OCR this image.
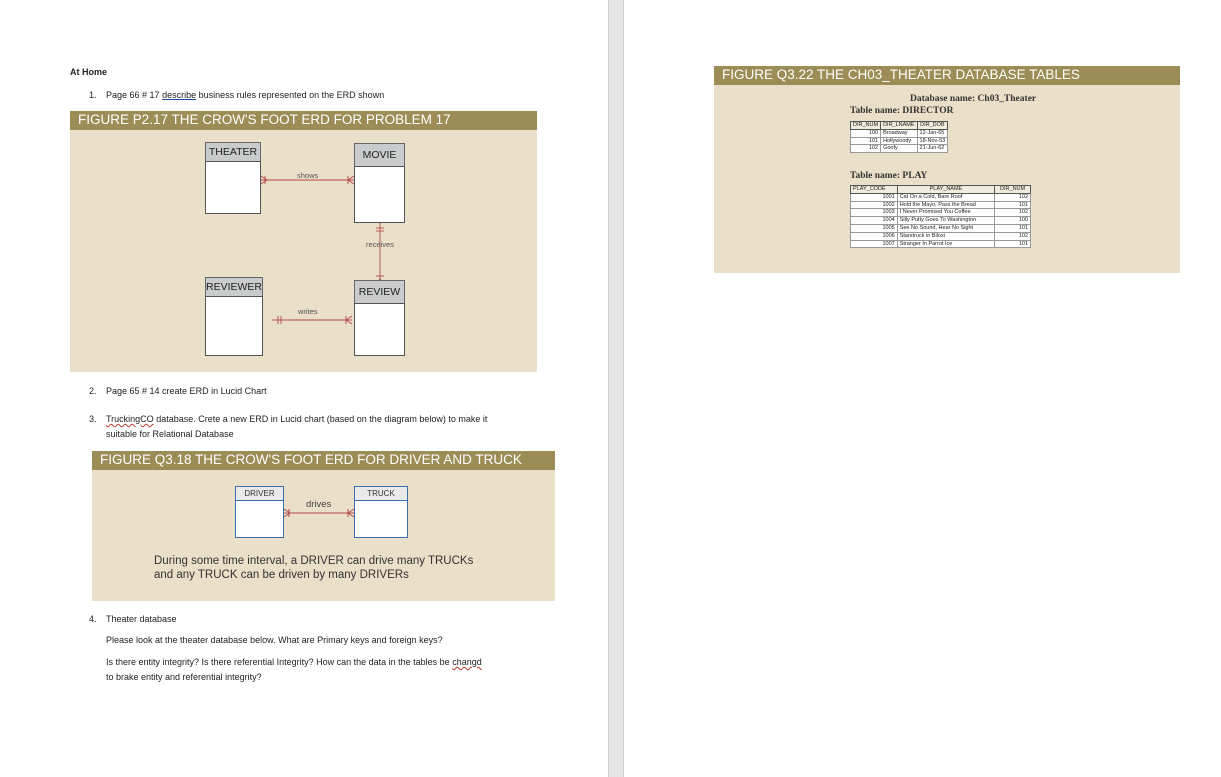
At Home
1. Page 66 # 17 describe business rules represented on the ERD shown
FIGURE P2.17 THE CROW'S FOOT ERD FOR PROBLEM 17
THEATER	MOVIE
shows
receives
REVIEWER	REVIEW
writes
2. Page 65 # 14 create ERD in Lucid Chart
3. TruckingCO database. Crete a new ERD in Lucid chart (based on the diagram below) to make it
suitable for Relational Database
FIGURE Q3.18 THE CROW'S FOOT ERD FOR DRIVER AND TRUCK
DRIVER	TRUCK
drives
During some time interval, a DRIVER can drive many TRUCKs
and any TRUCK can be driven by many DRIVERs
4. Theater database
Please look at the theater database below. What are Primary keys and foreign keys?
Is there entity integrity? Is there referential Integrity? How can the data in the tables be changd
to brake entity and referential integrity?
FIGURE Q3.22 THE CH03_THEATER DATABASE TABLES
Database name: Ch03_Theater
Table name: DIRECTOR
DIR_NUM	DIR_LNAME	DIR_DOB
100	Broadway	12-Jan-65
101	Hollywoody	18-Nov-53
102	Goofy	21-Jun-62
Table name: PLAY
PLAY_CODE	PLAY_NAME	DIR_NUM
1001	Cat On a Cold, Bare Roof	102
1002	Hold the Mayo, Pass the Bread	101
1003	I Never Promised You Coffee	102
1004	Silly Putty Goes To Washington	100
1005	See No Sound, Hear No Sight	101
1006	Starstruck in Biloxi	102
1007	Stranger In Parrot Ice	101
